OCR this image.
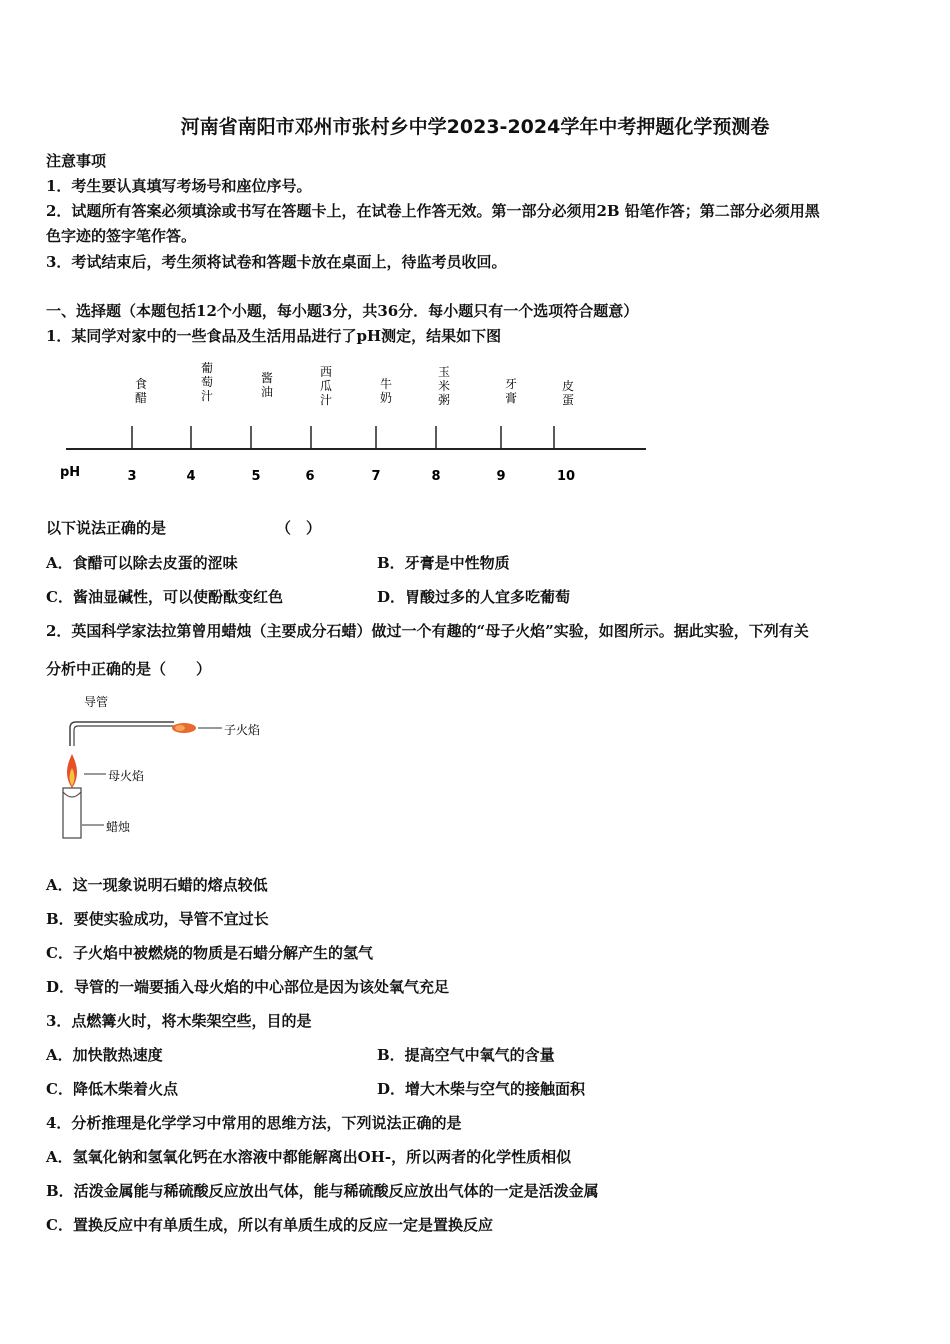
河南省南阳市邓州市张村乡中学2023-2024学年中考押题化学预测卷
注意事项
1．考生要认真填写考场号和座位序号。
2．试题所有答案必须填涂或书写在答题卡上，在试卷上作答无效。第一部分必须用2B 铅笔作答；第二部分必须用黑
色字迹的签字笔作答。
3．考试结束后，考生须将试卷和答题卡放在桌面上，待监考员收回。
一、选择题（本题包括12个小题，每小题3分，共36分．每小题只有一个选项符合题意）
1．某同学对家中的一些食品及生活用品进行了pH测定，结果如下图
pH	3	4	5	6	7	8	9	10
食醋
葡萄汁
酱油
西瓜汁
牛奶
玉米粥
牙膏
皮蛋
以下说法正确的是	（　）
A．食醋可以除去皮蛋的涩味	B．牙膏是中性物质
C．酱油显碱性，可以使酚酞变红色	D．胃酸过多的人宜多吃葡萄
2．英国科学家法拉第曾用蜡烛（主要成分石蜡）做过一个有趣的“母子火焰”实验，如图所示。据此实验，下列有关
分析中正确的是（　　）
导管
子火焰
母火焰
蜡烛
A．这一现象说明石蜡的熔点较低
B．要使实验成功，导管不宜过长
C．子火焰中被燃烧的物质是石蜡分解产生的氢气
D．导管的一端要插入母火焰的中心部位是因为该处氧气充足
3．点燃篝火时，将木柴架空些，目的是
A．加快散热速度	B．提高空气中氧气的含量
C．降低木柴着火点	D．增大木柴与空气的接触面积
4．分析推理是化学学习中常用的思维方法，下列说法正确的是
A．氢氧化钠和氢氧化钙在水溶液中都能解离出OH-，所以两者的化学性质相似
B．活泼金属能与稀硫酸反应放出气体，能与稀硫酸反应放出气体的一定是活泼金属
C．置换反应中有单质生成，所以有单质生成的反应一定是置换反应
